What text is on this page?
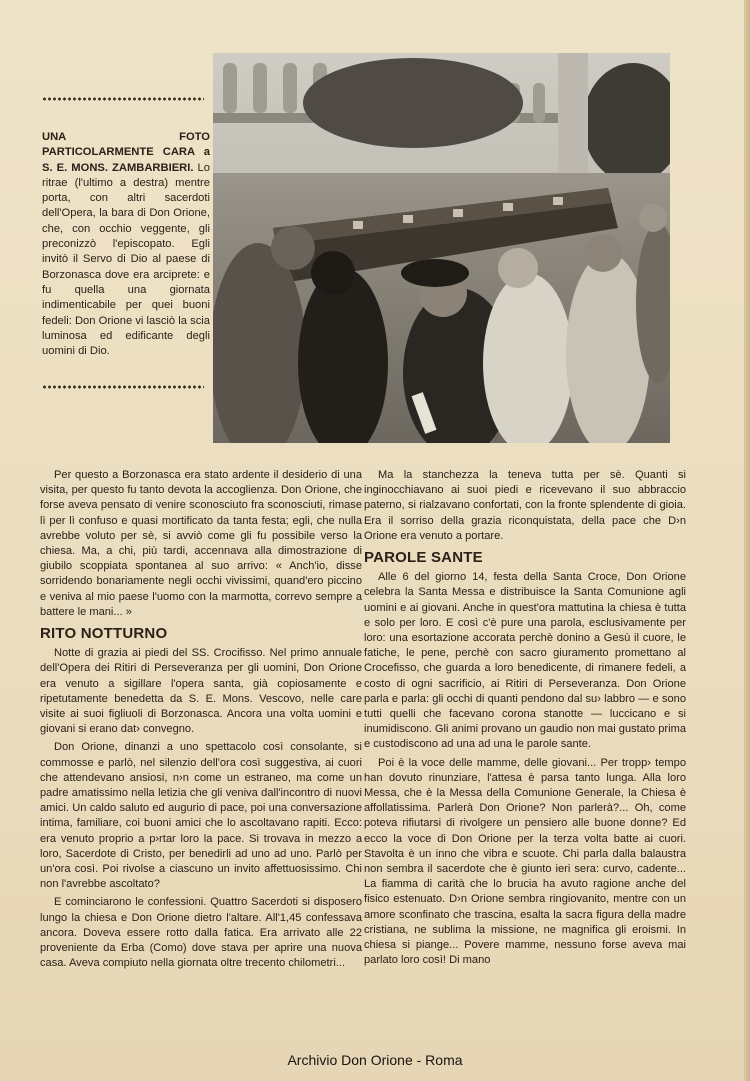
UNA FOTO PARTICOLARMENTE CARA a S. E. MONS. ZAMBARBIERI. Lo ritrae (l'ultimo a destra) mentre porta, con altri sacerdoti dell'Opera, la bara di Don Orione, che, con occhio veggente, gli preconizzò l'episcopato. Egli invitò il Servo di Dio al paese di Borzonasca dove era arciprete: e fu quella una giornata indimenticabile per quei buoni fedeli: Don Orione vi lasciò la scia luminosa ed edificante degli uomini di Dio.

Per questo a Borzonasca era stato ardente il desiderio di una visita, per questo fu tanto devota la accoglienza. Don Orione, che forse aveva pensato di venire sconosciuto fra sconosciuti, rimase lì per lì confuso e quasi mortificato da tanta festa; egli, che nulla avrebbe voluto per sè, si avviò come gli fu possibile verso la chiesa. Ma, a chi, più tardi, accennava alla dimostrazione di giubilo scoppiata spontanea al suo arrivo: « Anch'io, disse sorridendo bonariamente negli occhi vivissimi, quand'ero piccino e veniva al mio paese l'uomo con la marmotta, correvo sempre a battere le mani... »

RITO NOTTURNO

Notte di grazia ai piedi del SS. Crocifisso. Nel primo annuale dell'Opera dei Ritiri di Perseveranza per gli uomini, Don Orione era venuto a sigillare l'opera santa, già copiosamente e ripetutamente benedetta da S. E. Mons. Vescovo, nelle care visite ai suoi figliuoli di Borzonasca. Ancora una volta uomini e giovani si erano dat› convegno.

Don Orione, dinanzi a uno spettacolo così consolante, si commosse e parlò, nel silenzio dell'ora così suggestiva, ai cuori che attendevano ansiosi, n›n come un estraneo, ma come un padre amatissimo nella letizia che gli veniva dall'incontro di nuovi amici. Un caldo saluto ed augurio di pace, poi una conversazione intima, familiare, coi buoni amici che lo ascoltavano rapiti. Ecco: era venuto proprio a p›rtar loro la pace. Si trovava in mezzo a loro, Sacerdote di Cristo, per benedirli ad uno ad uno. Parlò per un'ora così. Poi rivolse a ciascuno un invito affettuosissimo. Chi non l'avrebbe ascoltato?

E cominciarono le confessioni. Quattro Sacerdoti si disposero lungo la chiesa e Don Orione dietro l'altare. All'1,45 confessava ancora. Doveva essere rotto dalla fatica. Era arrivato alle 22 proveniente da Erba (Como) dove stava per aprire una nuova casa. Aveva compiuto nella giornata oltre trecento chilometri...

Ma la stanchezza la teneva tutta per sè. Quanti si inginocchiavano ai suoi piedi e ricevevano il suo abbraccio paterno, si rialzavano confortati, con la fronte splendente di gioia. Era il sorriso della grazia riconquistata, della pace che D›n Orione era venuto a portare.

PAROLE SANTE

Alle 6 del giorno 14, festa della Santa Croce, Don Orione celebra la Santa Messa e distribuisce la Santa Comunione agli uomini e ai giovani. Anche in quest'ora mattutina la chiesa è tutta e solo per loro. E così c'è pure una parola, esclusivamente per loro: una esortazione accorata perchè donino a Gesù il cuore, le fatiche, le pene, perchè con sacro giuramento promettano al Crocefisso, che guarda a loro benedicente, di rimanere fedeli, a costo di ogni sacrificio, ai Ritiri di Perseveranza. Don Orione parla e parla: gli occhi di quanti pendono dal su› labbro — e sono tutti quelli che facevano corona stanotte — luccicano e si inumidiscono. Gli animi provano un gaudio non mai gustato prima e custodiscono ad una ad una le parole sante.

Poi è la voce delle mamme, delle giovani... Per tropp› tempo han dovuto rinunziare, l'attesa è parsa tanto lunga. Alla loro Messa, che è la Messa della Comunione Generale, la Chiesa è affollatissima. Parlerà Don Orione? Non parlerà?... Oh, come poteva rifiutarsi di rivolgere un pensiero alle buone donne? Ed ecco la voce di Don Orione per la terza volta batte ai cuori. Stavolta è un inno che vibra e scuote. Chi parla dalla balaustra non sembra il sacerdote che è giunto ieri sera: curvo, cadente... La fiamma di carità che lo brucia ha avuto ragione anche del fisico estenuato. D›n Orione sembra ringiovanito, mentre con un amore sconfinato che trascina, esalta la sacra figura della madre cristiana, ne sublima la missione, ne magnifica gli eroismi. In chiesa si piange... Povere mamme, nessuno forse aveva mai parlato loro così! Di mano

Archivio Don Orione - Roma
